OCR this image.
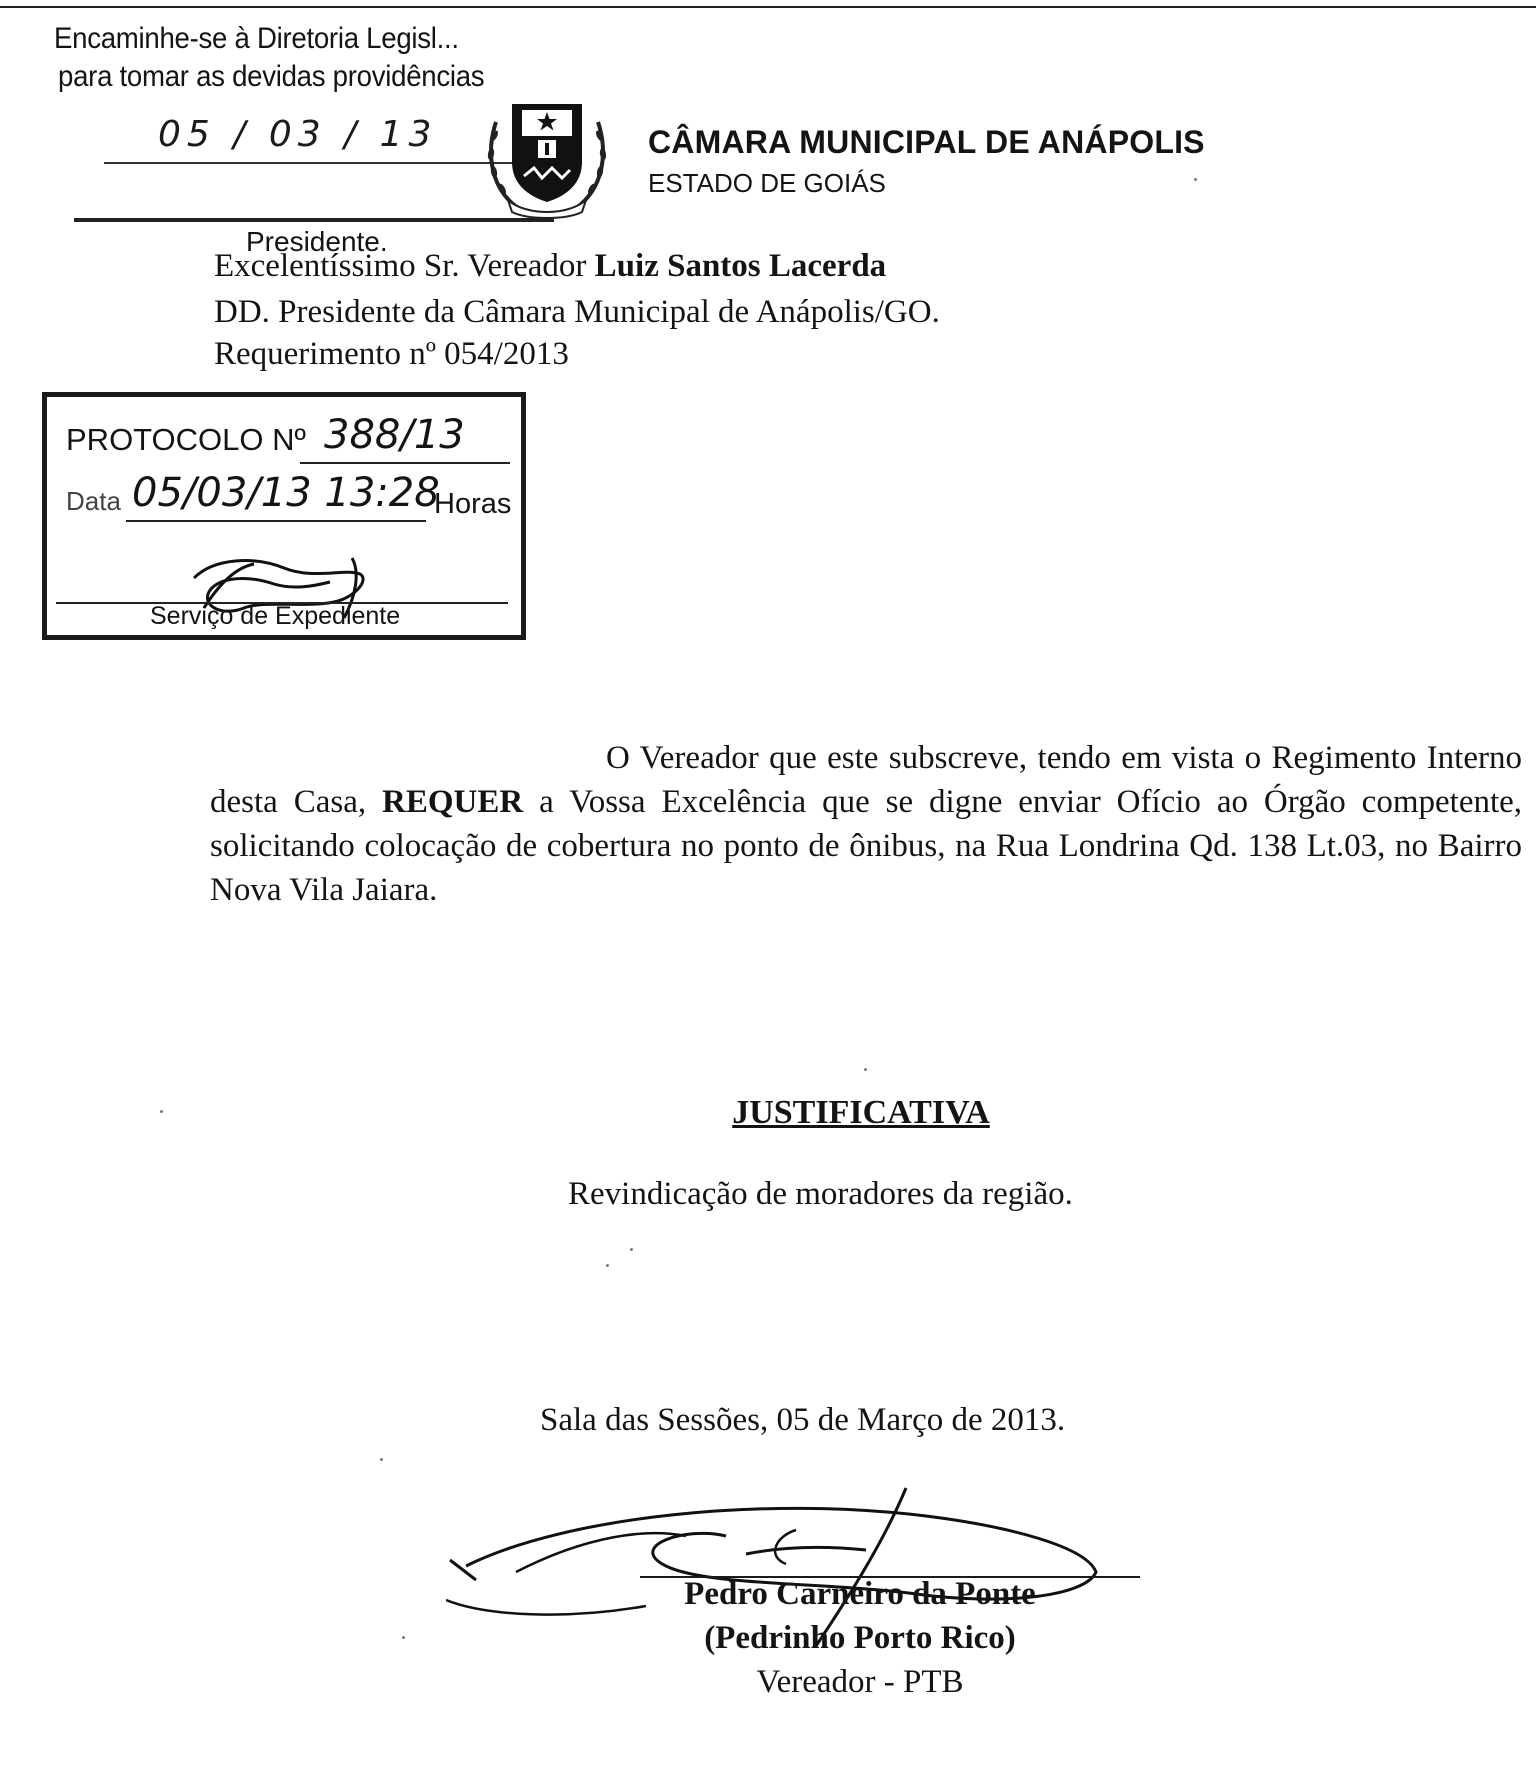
Encaminhe-se à Diretoria Legisl...
para tomar as devidas providências
05 / 03 / 13
Presidente.
CÂMARA MUNICIPAL DE ANÁPOLIS
ESTADO DE GOIÁS
Excelentíssimo Sr. Vereador Luiz Santos Lacerda
DD. Presidente da Câmara Municipal de Anápolis/GO.
Requerimento nº 054/2013
PROTOCOLO Nº 388/13
Data 05/03/13 13:28
Horas
Serviço de Expediente
O Vereador que este subscreve, tendo em vista o Regimento Interno desta Casa, REQUER a Vossa Excelência que se digne enviar Ofício ao Órgão competente, solicitando colocação de cobertura no ponto de ônibus, na Rua Londrina Qd. 138 Lt.03, no Bairro Nova Vila Jaiara.
JUSTIFICATIVA
Revindicação de moradores da região.
Sala das Sessões, 05 de Março de 2013.
Pedro Carneiro da Ponte
(Pedrinho Porto Rico)
Vereador - PTB
